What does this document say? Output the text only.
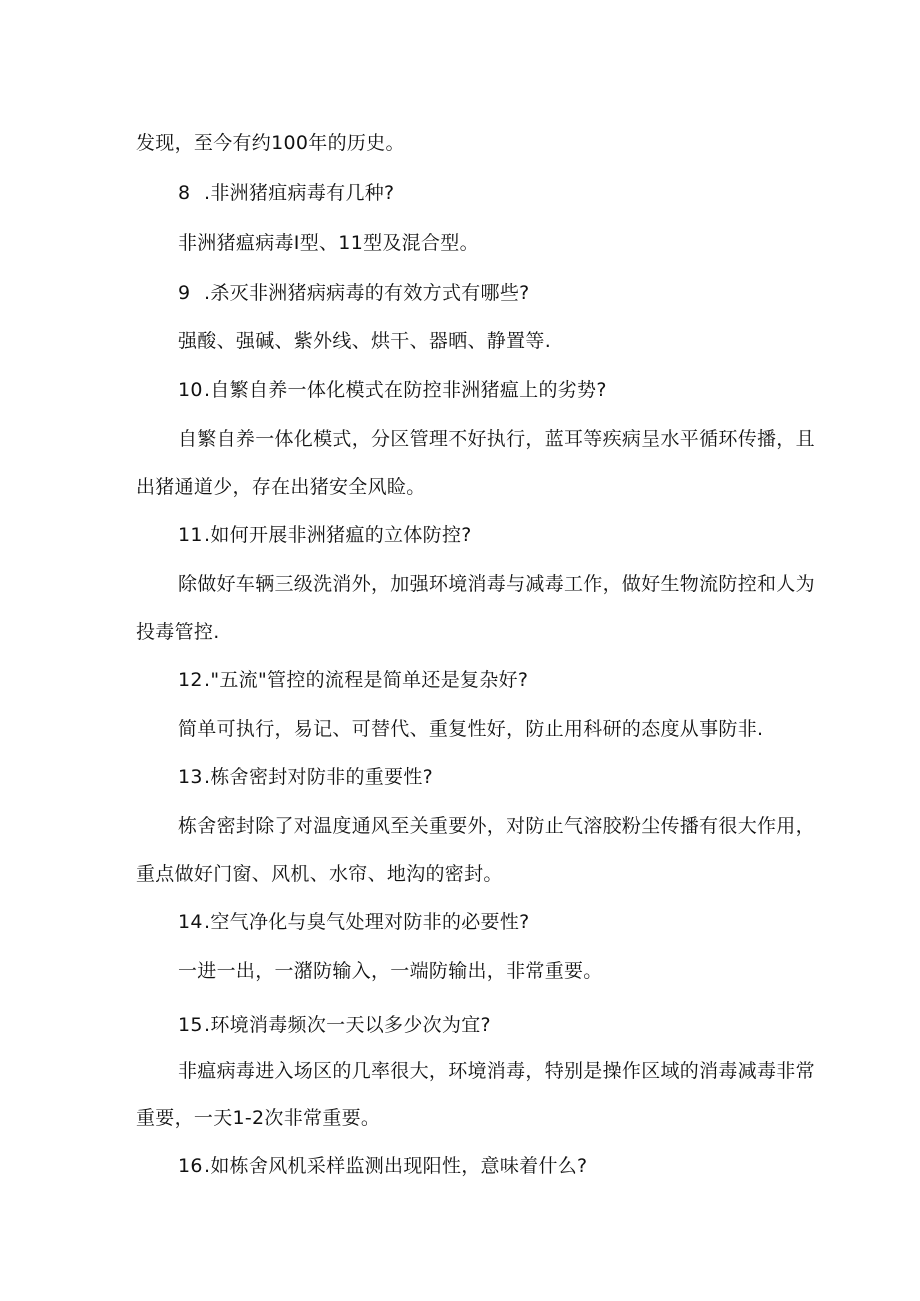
发现，至今有约100年的历史。
8 .非洲猪疽病毒有几种?
非洲猪瘟病毒I型、11型及混合型。
9 .杀灭非洲猪病病毒的有效方式有哪些?
强酸、强碱、紫外线、烘干、器晒、静置等.
10.自繁自养一体化模式在防控非洲猪瘟上的劣势?
自繁自养一体化模式，分区管理不好执行，蓝耳等疾病呈水平循环传播，且
出猪通道少，存在出猪安全风睑。
11.如何开展非洲猪瘟的立体防控?
除做好车辆三级洗消外，加强环境消毒与减毒工作，做好生物流防控和人为
投毒管控.
12."五流"管控的流程是简单还是复杂好?
简单可执行，易记、可替代、重复性好，防止用科研的态度从事防非.
13.栋舍密封对防非的重要性?
栋舍密封除了对温度通风至关重要外，对防止气溶胶粉尘传播有很大作用，
重点做好门窗、风机、水帘、地沟的密封。
14.空气净化与臭气处理对防非的必要性?
一进一出，一潴防输入，一端防输出，非常重要。
15.环境消毒频次一天以多少次为宜?
非瘟病毒进入场区的几率很大，环境消毒，特别是操作区域的消毒减毒非常
重要，一天1-2次非常重要。
16.如栋舍风机采样监测出现阳性，意味着什么?
